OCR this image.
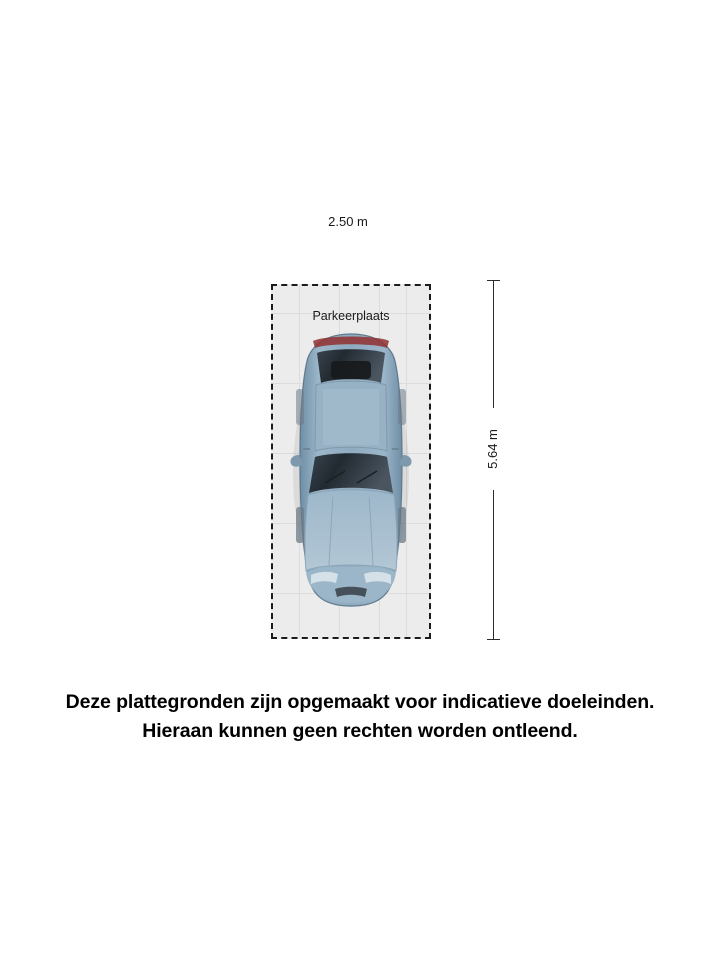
2.50 m
5.64 m
Parkeerplaats
Deze plattegronden zijn opgemaakt voor indicatieve doeleinden.
Hieraan kunnen geen rechten worden ontleend.
